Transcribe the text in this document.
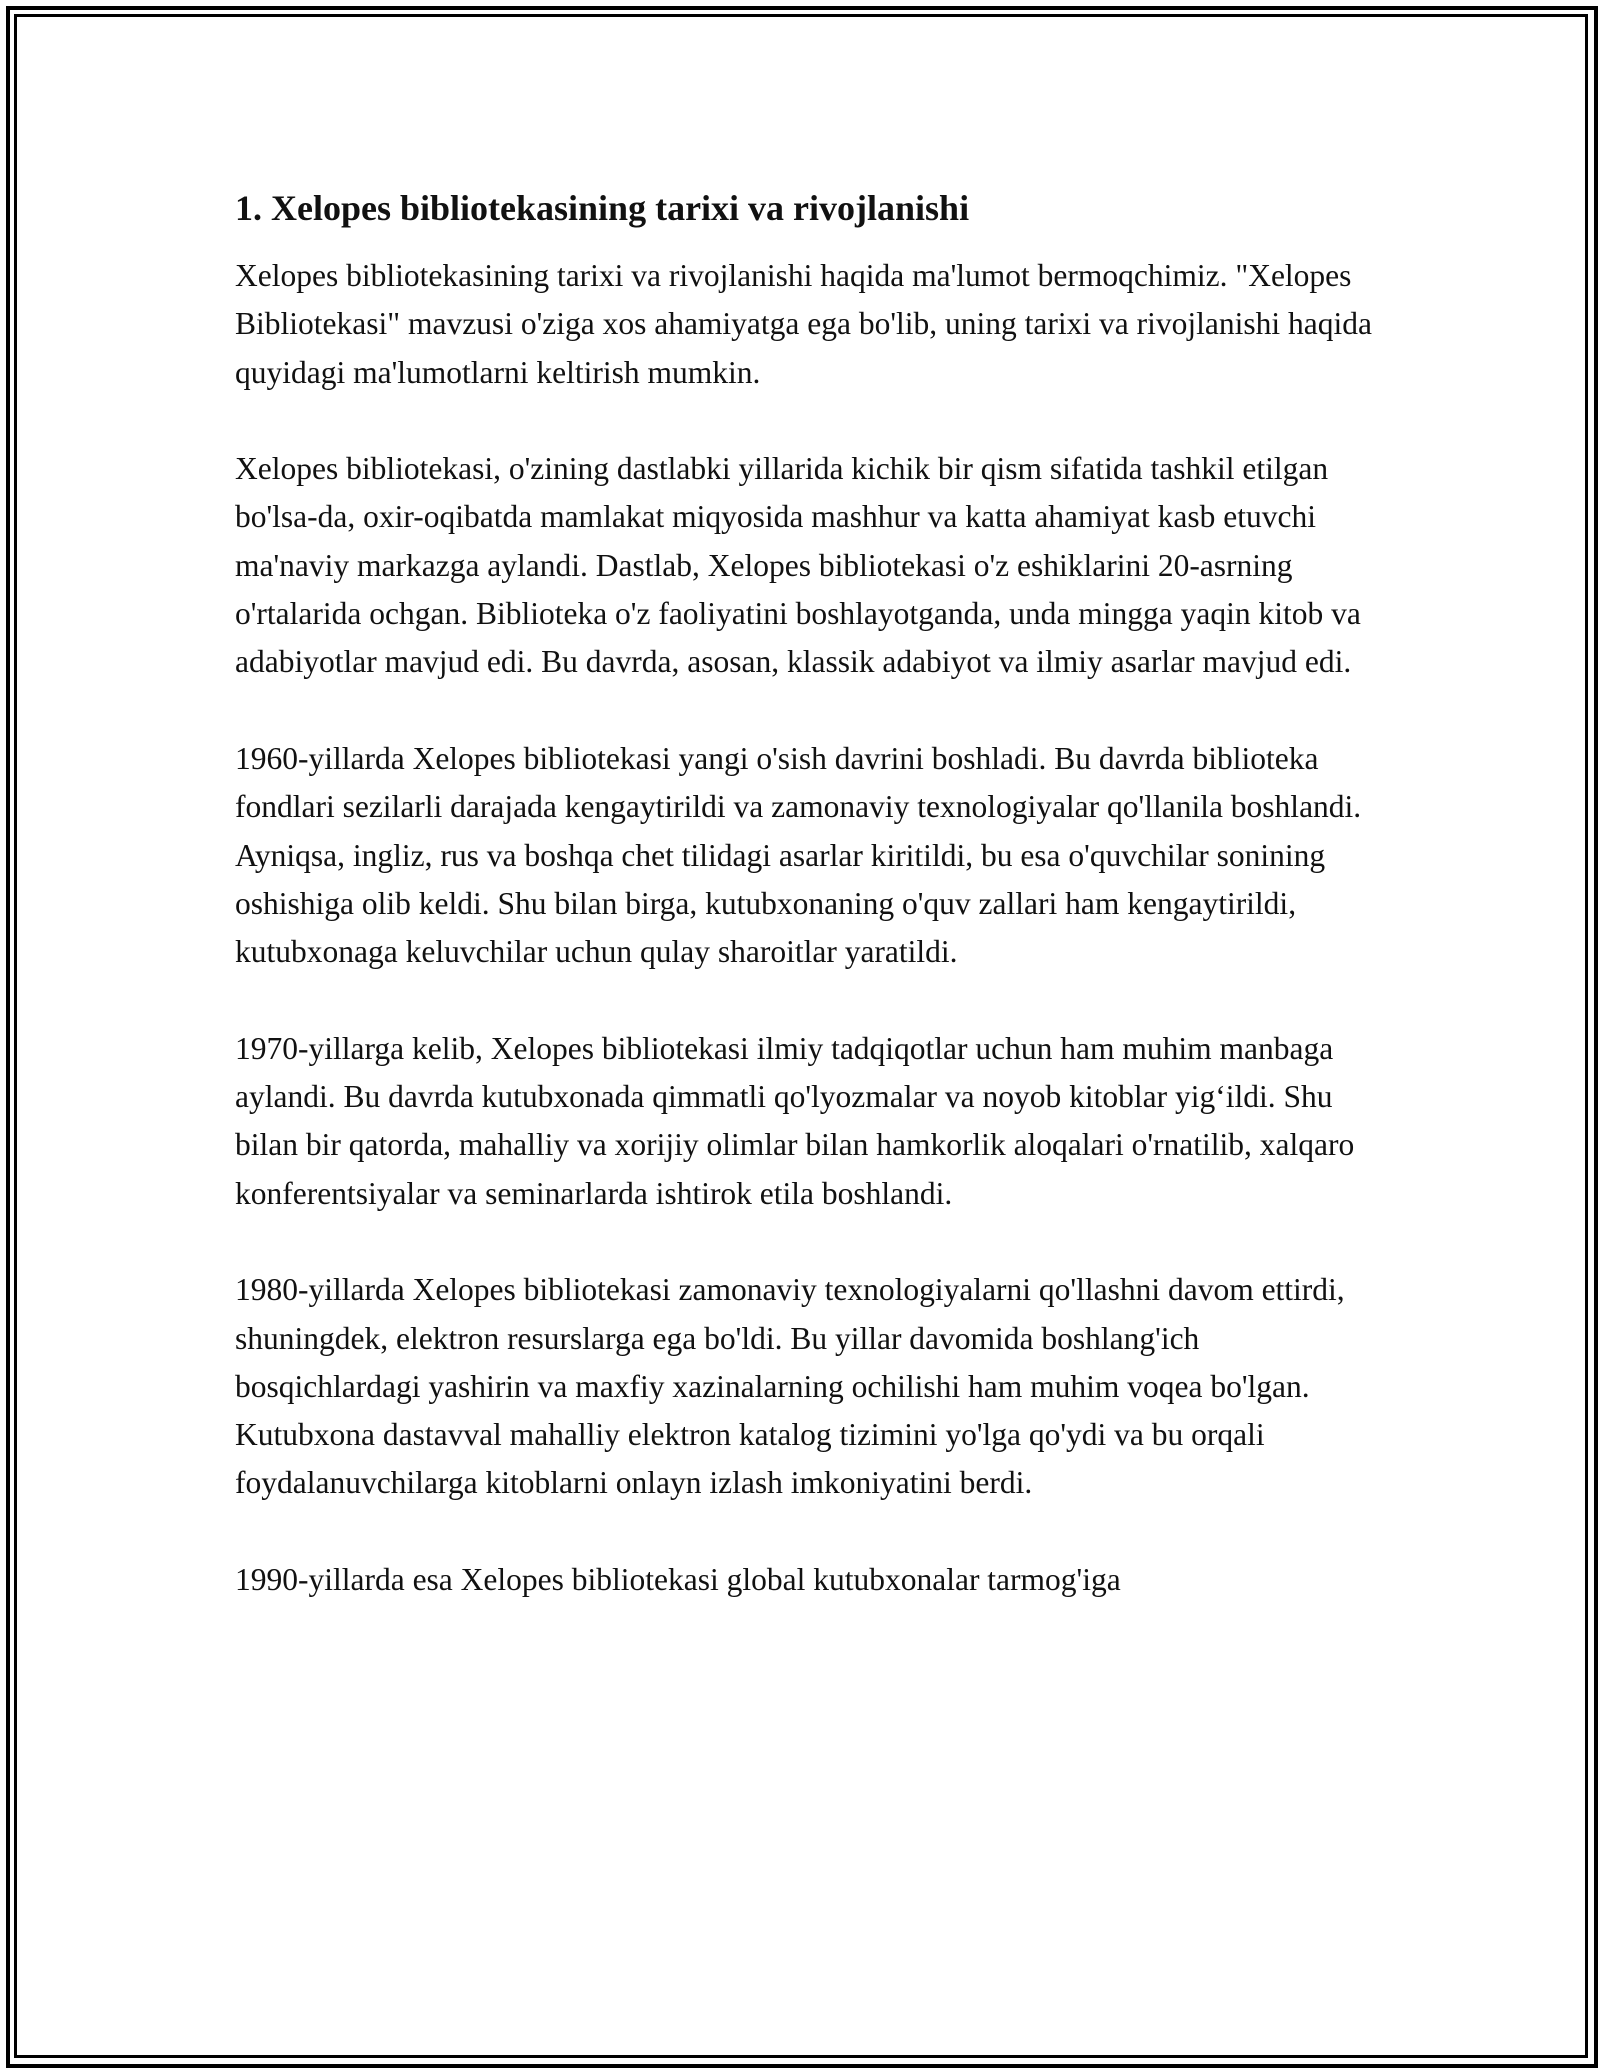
1. Xelopes bibliotekasining tarixi va rivojlanishi

Xelopes bibliotekasining tarixi va rivojlanishi haqida ma'lumot bermoqchimiz. "Xelopes Bibliotekasi" mavzusi o'ziga xos ahamiyatga ega bo'lib, uning tarixi va rivojlanishi haqida quyidagi ma'lumotlarni keltirish mumkin.

Xelopes bibliotekasi, o'zining dastlabki yillarida kichik bir qism sifatida tashkil etilgan bo'lsa-da, oxir-oqibatda mamlakat miqyosida mashhur va katta ahamiyat kasb etuvchi ma'naviy markazga aylandi. Dastlab, Xelopes bibliotekasi o'z eshiklarini 20-asrning o'rtalarida ochgan. Biblioteka o'z faoliyatini boshlayotganda, unda mingga yaqin kitob va adabiyotlar mavjud edi. Bu davrda, asosan, klassik adabiyot va ilmiy asarlar mavjud edi.

1960-yillarda Xelopes bibliotekasi yangi o'sish davrini boshladi. Bu davrda biblioteka fondlari sezilarli darajada kengaytirildi va zamonaviy texnologiyalar qo'llanila boshlandi. Ayniqsa, ingliz, rus va boshqa chet tilidagi asarlar kiritildi, bu esa o'quvchilar sonining oshishiga olib keldi. Shu bilan birga, kutubxonaning o'quv zallari ham kengaytirildi, kutubxonaga keluvchilar uchun qulay sharoitlar yaratildi.

1970-yillarga kelib, Xelopes bibliotekasi ilmiy tadqiqotlar uchun ham muhim manbaga aylandi. Bu davrda kutubxonada qimmatli qo'lyozmalar va noyob kitoblar yig‘ildi. Shu bilan bir qatorda, mahalliy va xorijiy olimlar bilan hamkorlik aloqalari o'rnatilib, xalqaro konferentsiyalar va seminarlarda ishtirok etila boshlandi.

1980-yillarda Xelopes bibliotekasi zamonaviy texnologiyalarni qo'llashni davom ettirdi, shuningdek, elektron resurslarga ega bo'ldi. Bu yillar davomida boshlang'ich bosqichlardagi yashirin va maxfiy xazinalarning ochilishi ham muhim voqea bo'lgan. Kutubxona dastavval mahalliy elektron katalog tizimini yo'lga qo'ydi va bu orqali foydalanuvchilarga kitoblarni onlayn izlash imkoniyatini berdi.

1990-yillarda esa Xelopes bibliotekasi global kutubxonalar tarmog'iga
